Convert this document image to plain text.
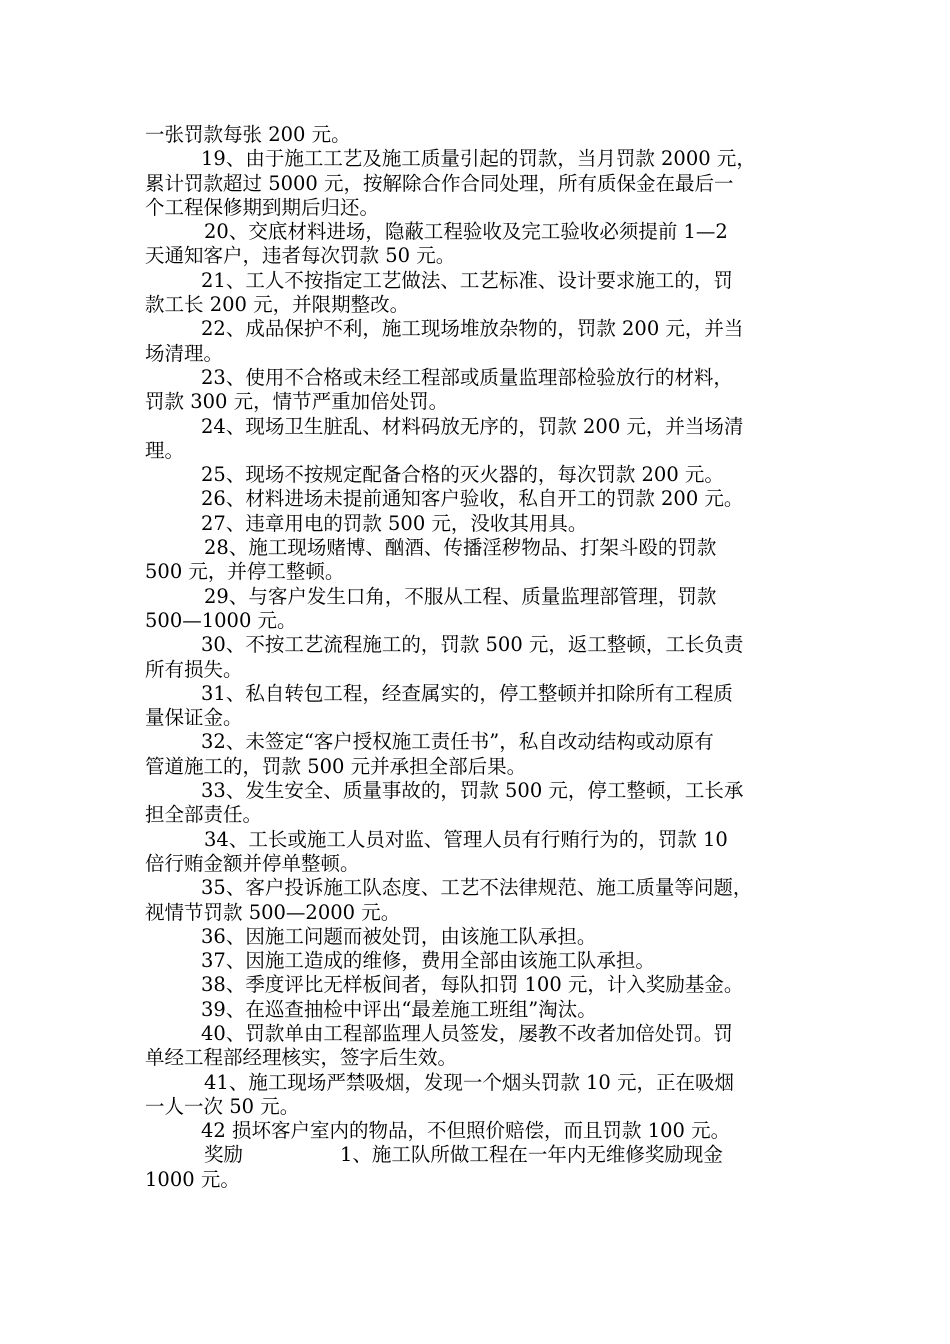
一张罚款每张 200 元。
19、由于施工工艺及施工质量引起的罚款，当月罚款 2000 元，
累计罚款超过 5000 元，按解除合作合同处理，所有质保金在最后一
个工程保修期到期后归还。
20、交底材料进场，隐蔽工程验收及完工验收必须提前 1—2
天通知客户，违者每次罚款 50 元。
21、工人不按指定工艺做法、工艺标准、设计要求施工的，罚
款工长 200 元，并限期整改。
22、成品保护不利，施工现场堆放杂物的，罚款 200 元，并当
场清理。
23、使用不合格或未经工程部或质量监理部检验放行的材料，
罚款 300 元，情节严重加倍处罚。
24、现场卫生脏乱、材料码放无序的，罚款 200 元，并当场清
理。
25、现场不按规定配备合格的灭火器的，每次罚款 200 元。
26、材料进场未提前通知客户验收，私自开工的罚款 200 元。
27、违章用电的罚款 500 元，没收其用具。
28、施工现场赌博、酗酒、传播淫秽物品、打架斗殴的罚款
500 元，并停工整顿。
29、与客户发生口角，不服从工程、质量监理部管理，罚款
500—1000 元。
30、不按工艺流程施工的，罚款 500 元，返工整顿，工长负责
所有损失。
31、私自转包工程，经查属实的，停工整顿并扣除所有工程质
量保证金。
32、未签定“客户授权施工责任书”，私自改动结构或动原有
管道施工的，罚款 500 元并承担全部后果。
33、发生安全、质量事故的，罚款 500 元，停工整顿，工长承
担全部责任。
34、工长或施工人员对监、管理人员有行贿行为的，罚款 10
倍行贿金额并停单整顿。
35、客户投诉施工队态度、工艺不法律规范、施工质量等问题，
视情节罚款 500—2000 元。
36、因施工问题而被处罚，由该施工队承担。
37、因施工造成的维修，费用全部由该施工队承担。
38、季度评比无样板间者，每队扣罚 100 元，计入奖励基金。
39、在巡查抽检中评出“最差施工班组”淘汰。
40、罚款单由工程部监理人员签发，屡教不改者加倍处罚。罚
单经工程部经理核实，签字后生效。
41、施工现场严禁吸烟，发现一个烟头罚款 10 元，正在吸烟
一人一次 50 元。
42 损坏客户室内的物品，不但照价赔偿，而且罚款 100 元。
奖励	1、施工队所做工程在一年内无维修奖励现金
1000 元。
